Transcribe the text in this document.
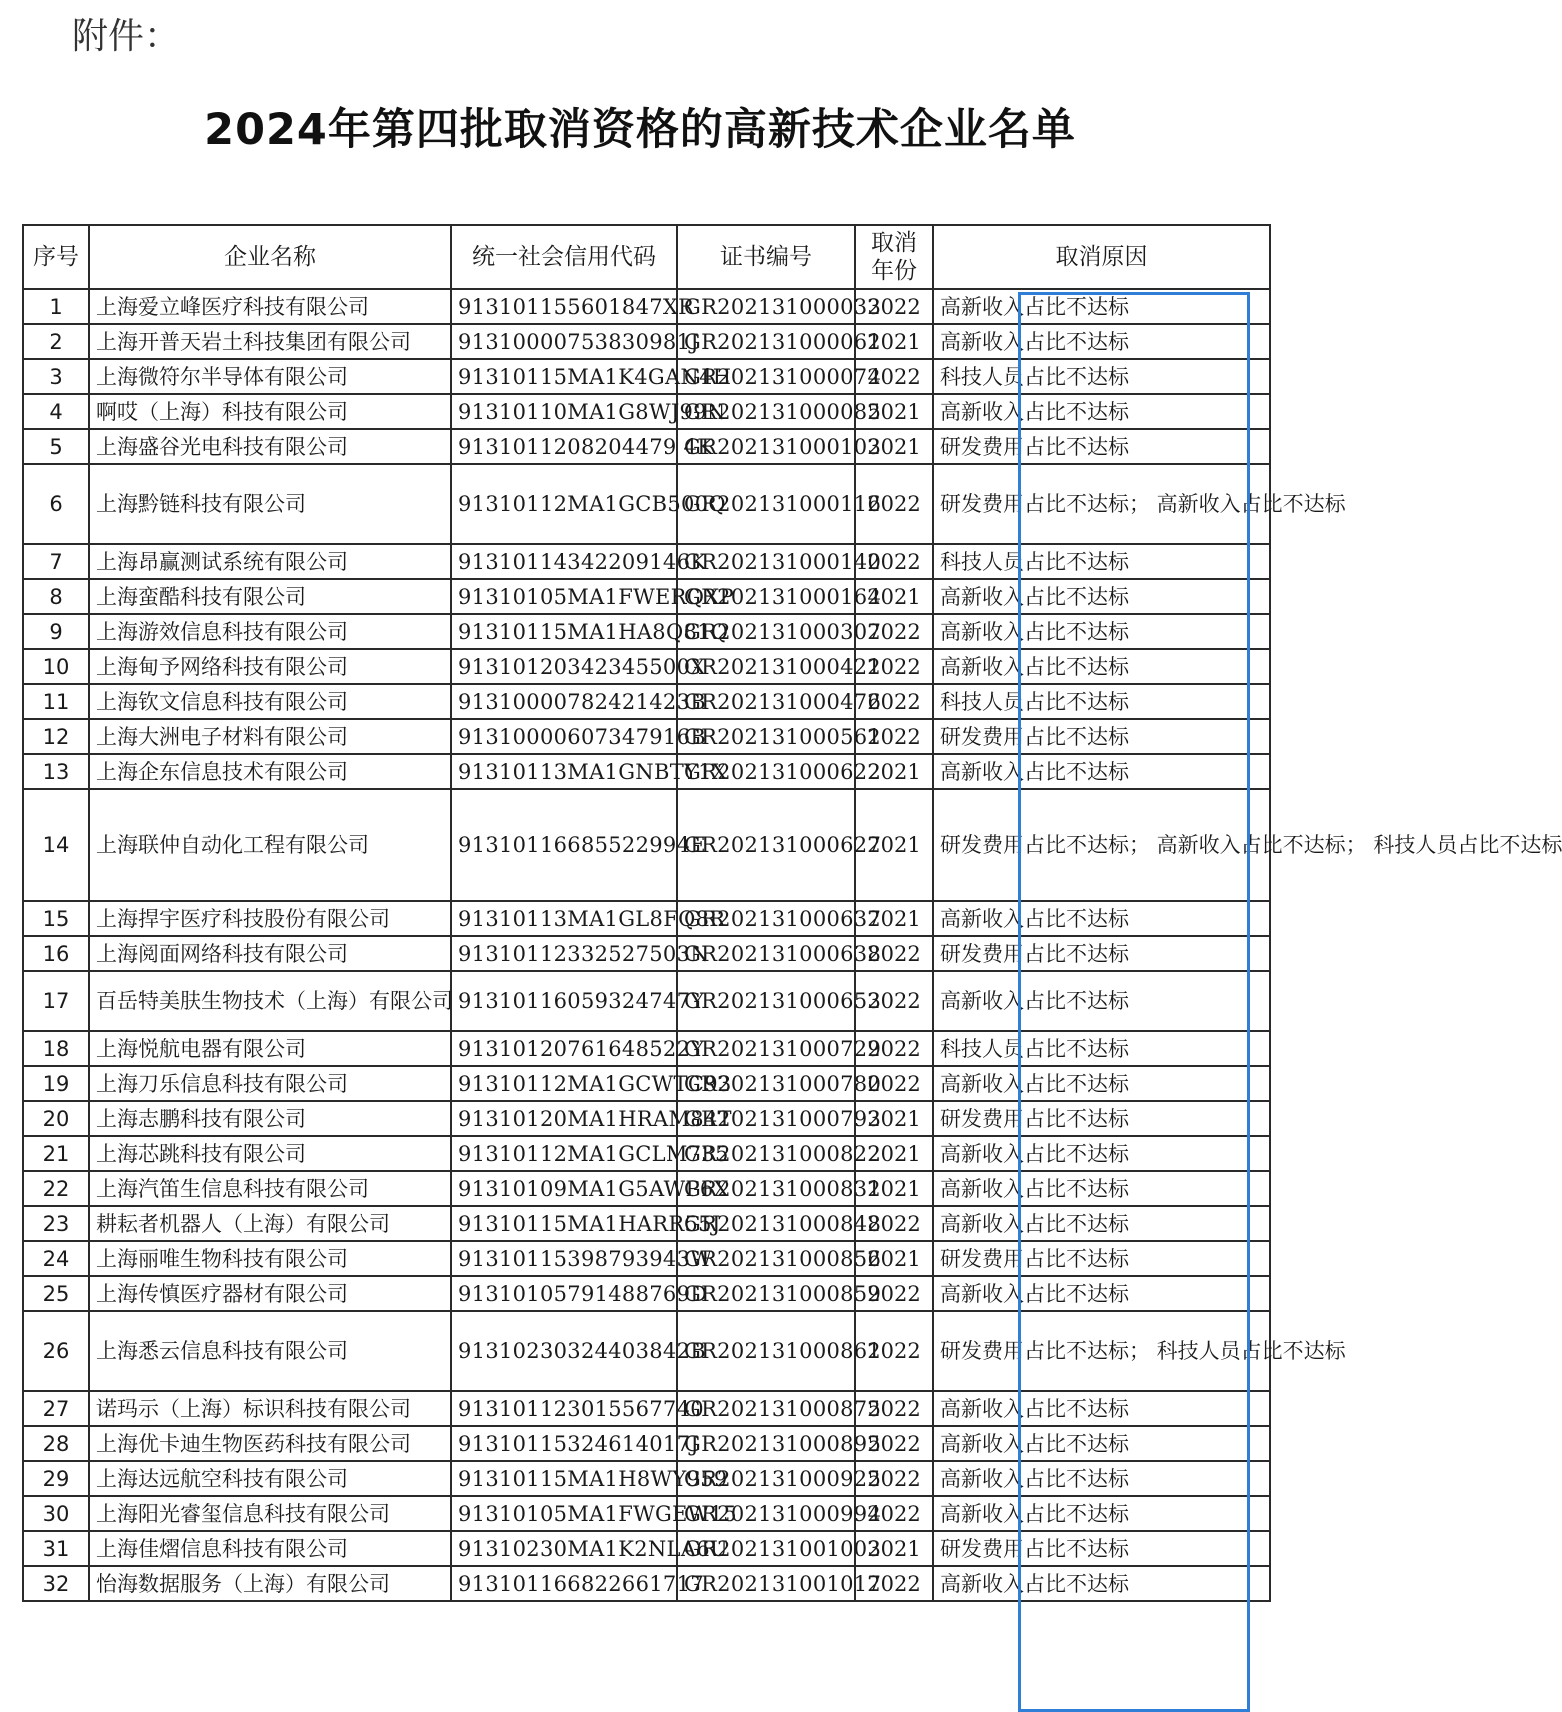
附件：
2024年第四批取消资格的高新技术企业名单
序号	企业名称	统一社会信用代码	证书编号	取消年份	取消原因
1	上海爱立峰医疗科技有限公司	913101155601847XR	GR202131000033	2022	高新收入占比不达标
2	上海开普天岩土科技集团有限公司	91310000753830981J	GR202131000061	2021	高新收入占比不达标
3	上海微符尔半导体有限公司	91310115MA1K4GAN4H	GR202131000074	2022	科技人员占比不达标
4	啊哎（上海）科技有限公司	91310110MA1G8WJ99N	GR202131000085	2021	高新收入占比不达标
5	上海盛谷光电科技有限公司	9131011208204479 4K	GR202131000103	2021	研发费用占比不达标
6	上海黔链科技有限公司	91310112MA1GCB500Q	GR202131000116	2022	研发费用占比不达标； 高新收入占比不达标
7	上海昂赢测试系统有限公司	91310114342209146K	GR202131000140	2022	科技人员占比不达标
8	上海蛮酷科技有限公司	91310105MA1FWERQXP	GR202131000164	2021	高新收入占比不达标
9	上海游效信息科技有限公司	91310115MA1HA8Q81Q	GR202131000307	2022	高新收入占比不达标
10	上海甸予网络科技有限公司	91310120342345500X	GR202131000421	2022	高新收入占比不达标
11	上海钦文信息科技有限公司	91310000782421423B	GR202131000476	2022	科技人员占比不达标
12	上海大洲电子材料有限公司	91310000607347916B	GR202131000561	2022	研发费用占比不达标
13	上海企东信息技术有限公司	91310113MA1GNBTY1X	GR202131000622	2021	高新收入占比不达标
14	上海联仲自动化工程有限公司	91310116685522994E	GR202131000627	2021	研发费用占比不达标； 高新收入占比不达标； 科技人员占比不达标
15	上海捍宇医疗科技股份有限公司	91310113MA1GL8FQ8R	GR202131000637	2021	高新收入占比不达标
16	上海阅面网络科技有限公司	91310112332527503N	GR202131000638	2022	研发费用占比不达标
17	百岳特美肤生物技术（上海）有限公司	91310116059324747Y	GR202131000653	2022	高新收入占比不达标
18	上海悦航电器有限公司	91310120761648522Y	GR202131000729	2022	科技人员占比不达标
19	上海刀乐信息科技有限公司	91310112MA1GCWTC93	GR202131000780	2022	高新收入占比不达标
20	上海志鹏科技有限公司	91310120MA1HRAM84T	GR202131000793	2021	研发费用占比不达标
21	上海芯跳科技有限公司	91310112MA1GCLM735	GR202131000822	2021	高新收入占比不达标
22	上海汽笛生信息科技有限公司	91310109MA1G5AWP6X	GR202131000831	2021	高新收入占比不达标
23	耕耘者机器人（上海）有限公司	91310115MA1HARR55J	GR202131000848	2022	高新收入占比不达标
24	上海丽唯生物科技有限公司	91310115398793943W	GR202131000856	2021	研发费用占比不达标
25	上海传慎医疗器材有限公司	91310105791488769D	GR202131000859	2022	高新收入占比不达标
26	上海悉云信息科技有限公司	91310230324403842B	GR202131000861	2022	研发费用占比不达标； 科技人员占比不达标
27	诺玛示（上海）标识科技有限公司	913101123015567740	GR202131000875	2022	高新收入占比不达标
28	上海优卡迪生物医药科技有限公司	91310115324614017J	GR202131000895	2022	高新收入占比不达标
29	上海达远航空科技有限公司	91310115MA1H8WY959	GR202131000925	2022	高新收入占比不达标
30	上海阳光睿玺信息科技有限公司	91310105MA1FWGEW15	GR202131000994	2022	高新收入占比不达标
31	上海佳熠信息科技有限公司	91310230MA1K2NLA6U	GR202131001003	2021	研发费用占比不达标
32	怡海数据服务（上海）有限公司	913101166822661717	GR202131001017	2022	高新收入占比不达标
